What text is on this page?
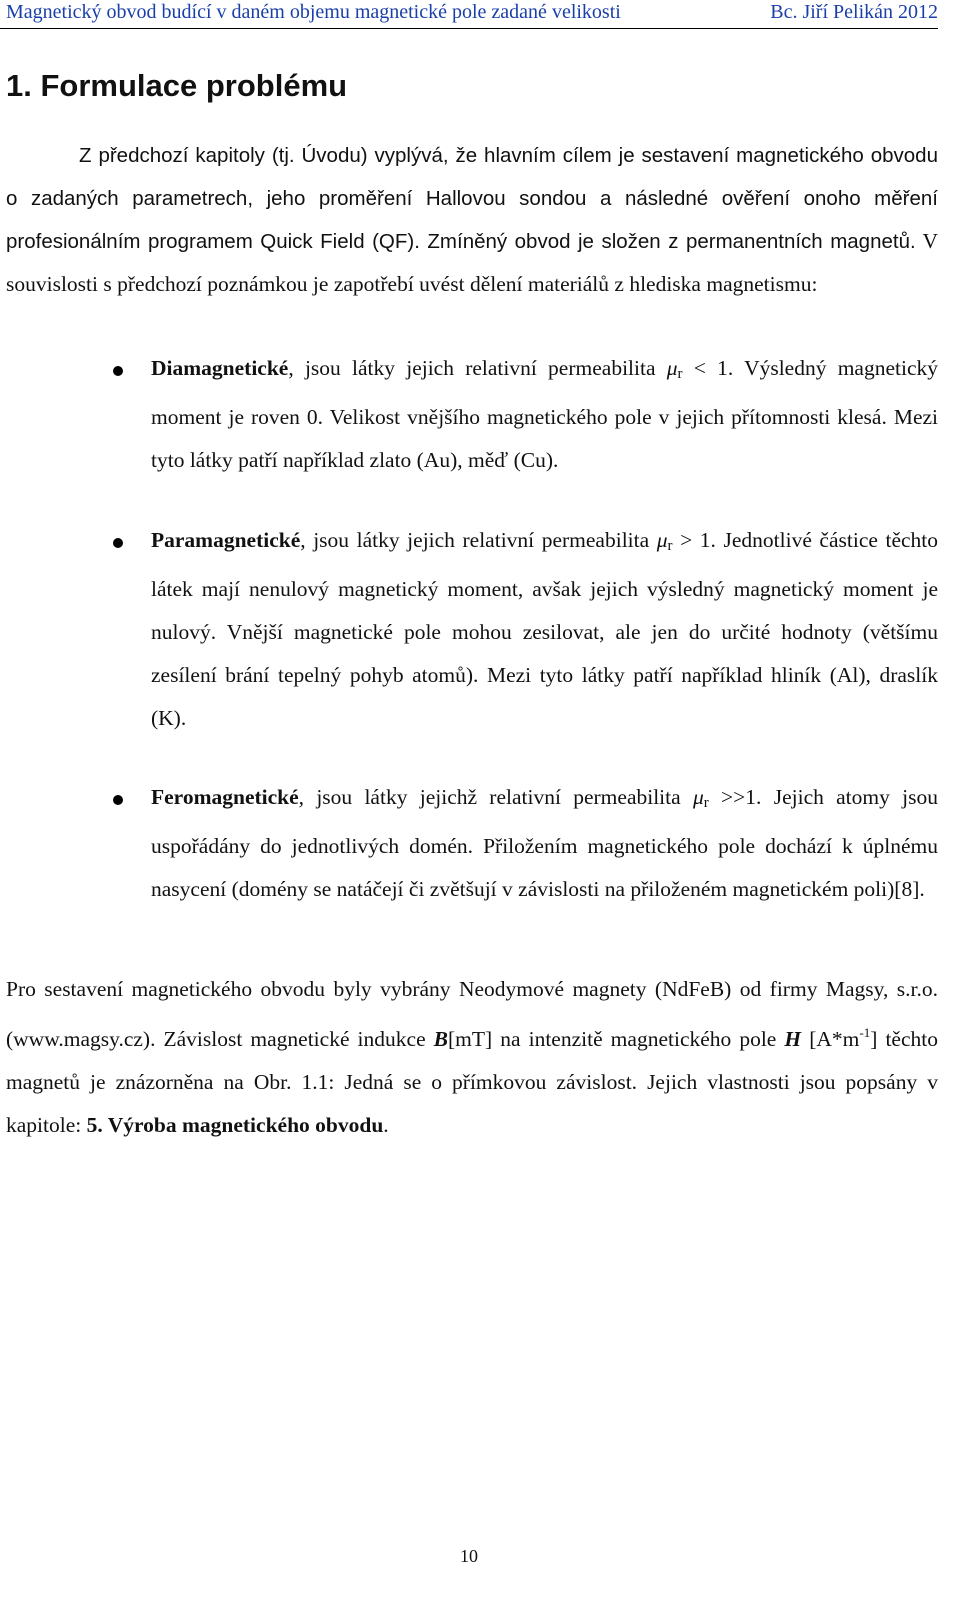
Magnetický obvod budící v daném objemu magnetické pole zadané velikosti	Bc. Jiří Pelikán 2012
1. Formulace problému

Z předchozí kapitoly (tj. Úvodu) vyplývá, že hlavním cílem je sestavení magnetického obvodu o zadaných parametrech, jeho proměření Hallovou sondou a následné ověření onoho měření profesionálním programem Quick Field (QF). Zmíněný obvod je složen z permanentních magnetů. V souvislosti s předchozí poznámkou je zapotřebí uvést dělení materiálů z hlediska magnetismu:

Diamagnetické, jsou látky jejich relativní permeabilita $\mu_r < 1$. Výsledný magnetický moment je roven 0. Velikost vnějšího magnetického pole v jejich přítomnosti klesá. Mezi tyto látky patří například zlato (Au), měď (Cu).

Paramagnetické, jsou látky jejich relativní permeabilita $\mu_r > 1$. Jednotlivé částice těchto látek mají nenulový magnetický moment, avšak jejich výsledný magnetický moment je nulový. Vnější magnetické pole mohou zesilovat, ale jen do určité hodnoty (většímu zesílení brání tepelný pohyb atomů). Mezi tyto látky patří například hliník (Al), draslík (K).

Feromagnetické, jsou látky jejichž relativní permeabilita $\mu_r >>1$. Jejich atomy jsou uspořádány do jednotlivých domén. Přiložením magnetického pole dochází k úplnému nasycení (domény se natáčejí či zvětšují v závislosti na přiloženém magnetickém poli)[8].

Pro sestavení magnetického obvodu byly vybrány Neodymové magnety (NdFeB) od firmy Magsy, s.r.o. (www.magsy.cz). Závislost magnetické indukce B[mT] na intenzitě magnetického pole H $[A*m^{-1}]$ těchto magnetů je znázorněna na Obr. 1.1: Jedná se o přímkovou závislost. Jejich vlastnosti jsou popsány v kapitole: 5. Výroba magnetického obvodu.

10
